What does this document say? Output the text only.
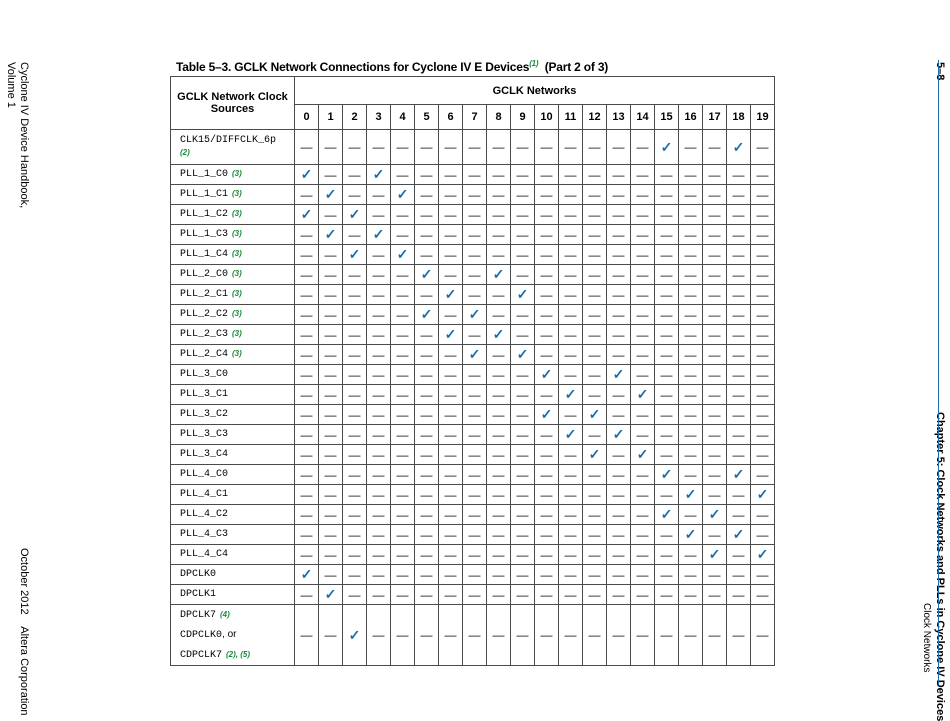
Cyclone IV Device Handbook,
Volume 1
October 2012    Altera Corporation
5–8
Chapter 5: Clock Networks and PLLs in Cyclone IV Devices
Clock Networks
Table 5–3. GCLK Network Connections for Cyclone IV E Devices$^{(1)}$ (Part 2 of 3)
GCLK Network Clock Sources	GCLK Networks																			
	0	1	2	3	4	5	6	7	8	9	10	11	12	13	14	15	16	17	18	19

CLK15/DIFFCLK_6p
(2)	—	—	—	—	—	—	—	—	—	—	—	—	—	—	—	✓	—	—	✓	—
PLL_1_C0 (3)	✓	—	—	✓	—	—	—	—	—	—	—	—	—	—	—	—	—	—	—	—
PLL_1_C1 (3)	—	✓	—	—	✓	—	—	—	—	—	—	—	—	—	—	—	—	—	—	—
PLL_1_C2 (3)	✓	—	✓	—	—	—	—	—	—	—	—	—	—	—	—	—	—	—	—	—
PLL_1_C3 (3)	—	✓	—	✓	—	—	—	—	—	—	—	—	—	—	—	—	—	—	—	—
PLL_1_C4 (3)	—	—	✓	—	✓	—	—	—	—	—	—	—	—	—	—	—	—	—	—	—
PLL_2_C0 (3)	—	—	—	—	—	✓	—	—	✓	—	—	—	—	—	—	—	—	—	—	—
PLL_2_C1 (3)	—	—	—	—	—	—	✓	—	—	✓	—	—	—	—	—	—	—	—	—	—
PLL_2_C2 (3)	—	—	—	—	—	✓	—	✓	—	—	—	—	—	—	—	—	—	—	—	—
PLL_2_C3 (3)	—	—	—	—	—	—	✓	—	✓	—	—	—	—	—	—	—	—	—	—	—
PLL_2_C4 (3)	—	—	—	—	—	—	—	✓	—	✓	—	—	—	—	—	—	—	—	—	—
PLL_3_C0	—	—	—	—	—	—	—	—	—	—	✓	—	—	✓	—	—	—	—	—	—
PLL_3_C1	—	—	—	—	—	—	—	—	—	—	—	✓	—	—	✓	—	—	—	—	—
PLL_3_C2	—	—	—	—	—	—	—	—	—	—	✓	—	✓	—	—	—	—	—	—	—
PLL_3_C3	—	—	—	—	—	—	—	—	—	—	—	✓	—	✓	—	—	—	—	—	—
PLL_3_C4	—	—	—	—	—	—	—	—	—	—	—	—	✓	—	✓	—	—	—	—	—
PLL_4_C0	—	—	—	—	—	—	—	—	—	—	—	—	—	—	—	✓	—	—	✓	—
PLL_4_C1	—	—	—	—	—	—	—	—	—	—	—	—	—	—	—	—	✓	—	—	✓
PLL_4_C2	—	—	—	—	—	—	—	—	—	—	—	—	—	—	—	✓	—	✓	—	—
PLL_4_C3	—	—	—	—	—	—	—	—	—	—	—	—	—	—	—	—	✓	—	✓	—
PLL_4_C4	—	—	—	—	—	—	—	—	—	—	—	—	—	—	—	—	—	✓	—	✓
DPCLK0	✓	—	—	—	—	—	—	—	—	—	—	—	—	—	—	—	—	—	—	—
DPCLK1	—	✓	—	—	—	—	—	—	—	—	—	—	—	—	—	—	—	—	—	—

DPCLK7 (4)
CDPCLK0, or
CDPCLK7 (2), (5)	—	—	✓	—	—	—	—	—	—	—	—	—	—	—	—	—	—	—	—	—
